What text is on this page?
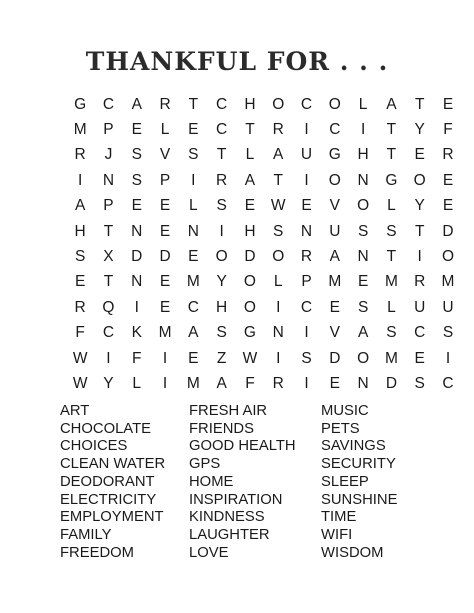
THANKFUL FOR . . .
G	C	A	R	T	C	H	O	C	O	L	A	T	E
M	P	E	L	E	C	T	R	I	C	I	T	Y	F
R	J	S	V	S	T	L	A	U	G	H	T	E	R
I	N	S	P	I	R	A	T	I	O	N	G	O	E
A	P	E	E	L	S	E	W	E	V	O	L	Y	E
H	T	N	E	N	I	H	S	N	U	S	S	T	D
S	X	D	D	E	O	D	O	R	A	N	T	I	O
E	T	N	E	M	Y	O	L	P	M	E	M	R	M
R	Q	I	E	C	H	O	I	C	E	S	L	U	U
F	C	K	M	A	S	G	N	I	V	A	S	C	S
W	I	F	I	E	Z	W	I	S	D	O	M	E	I
W	Y	L	I	M	A	F	R	I	E	N	D	S	C
ART
CHOCOLATE
CHOICES
CLEAN WATER
DEODORANT
ELECTRICITY
EMPLOYMENT
FAMILY
FREEDOM
FRESH AIR
FRIENDS
GOOD HEALTH
GPS
HOME
INSPIRATION
KINDNESS
LAUGHTER
LOVE
MUSIC
PETS
SAVINGS
SECURITY
SLEEP
SUNSHINE
TIME
WIFI
WISDOM
